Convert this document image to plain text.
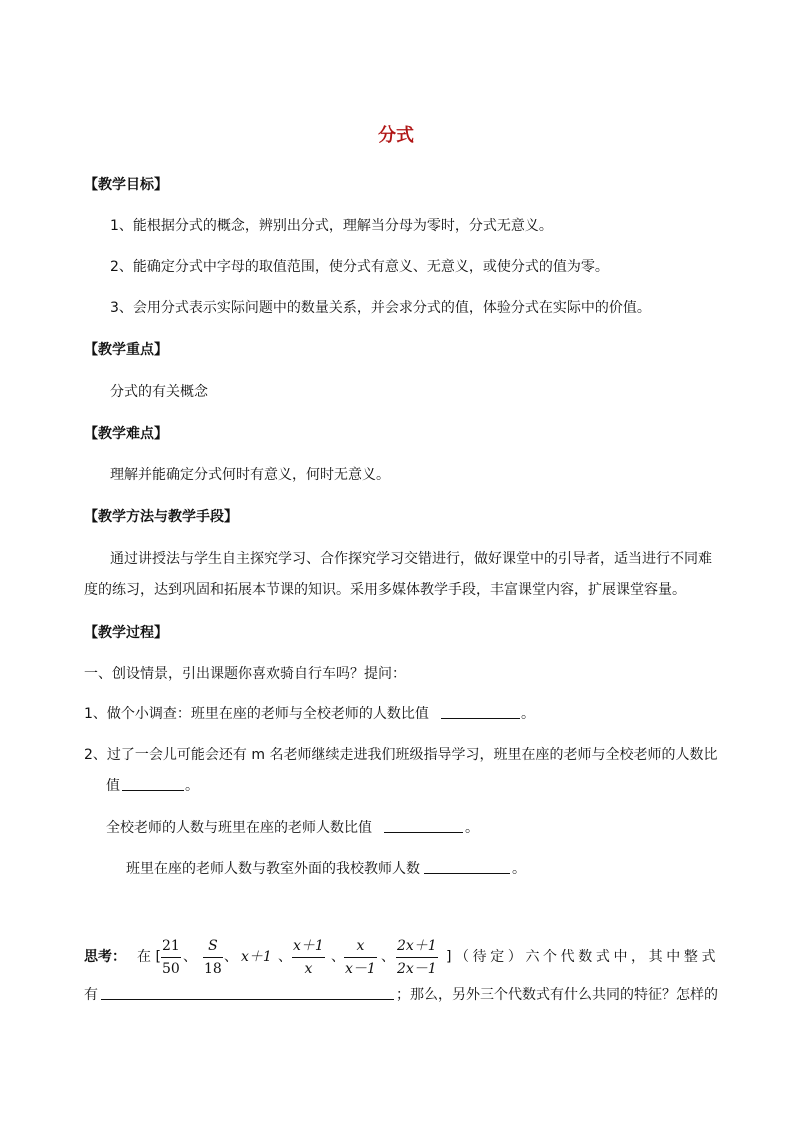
分式
【教学目标】
1、能根据分式的概念，辨别出分式，理解当分母为零时，分式无意义。
2、能确定分式中字母的取值范围，使分式有意义、无意义，或使分式的值为零。
3、会用分式表示实际问题中的数量关系，并会求分式的值，体验分式在实际中的价值。
【教学重点】
分式的有关概念
【教学难点】
理解并能确定分式何时有意义，何时无意义。
【教学方法与教学手段】
通过讲授法与学生自主探究学习、合作探究学习交错进行，做好课堂中的引导者，适当进行不同难
度的练习，达到巩固和拓展本节课的知识。采用多媒体教学手段，丰富课堂内容，扩展课堂容量。
【教学过程】
一、创设情景，引出课题你喜欢骑自行车吗？提问：
1、做个小调查：班里在座的老师与全校老师的人数比值	。
2、过了一会儿可能会还有 m 名老师继续走进我们班级指导学习，班里在座的老师与全校老师的人数比
值	。
全校老师的人数与班里在座的老师人数比值	。
班里在座的老师人数与教室外面的我校教师人数	。
思考： 在 [
21
50
、
S
18
、 x＋1 、
x＋1
x
、
x
x－1
、
2x＋1
2x－1
]（待定）六个代数式中，其中整式
有	；那么，另外三个代数式有什么共同的特征？怎样的
